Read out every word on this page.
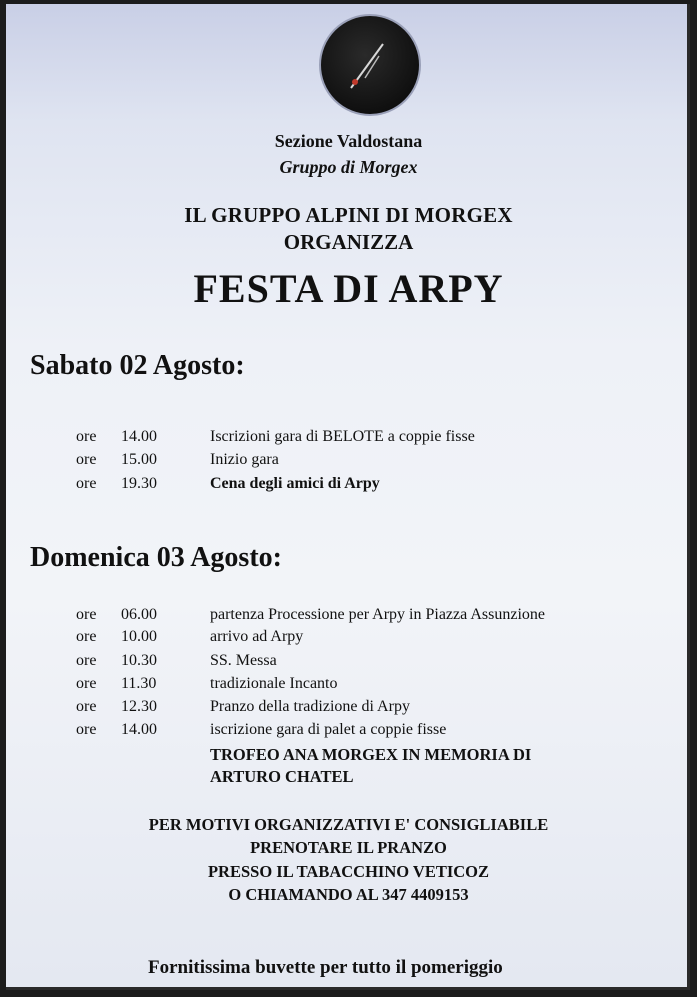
Sezione Valdostana
Gruppo di Morgex
IL GRUPPO ALPINI DI MORGEX
ORGANIZZA
FESTA DI ARPY
Sabato 02 Agosto:
ore 14.00	Iscrizioni gara di BELOTE a coppie fisse
ore 15.00	Inizio gara
ore 19.30	Cena degli amici di Arpy
Domenica 03 Agosto:
ore 06.00	partenza Processione per Arpy in Piazza Assunzione
ore 10.00	arrivo ad Arpy
ore 10.30	SS. Messa
ore 11.30	tradizionale Incanto
ore 12.30	Pranzo della tradizione di Arpy
ore 14.00	iscrizione gara di palet a coppie fisse
TROFEO ANA MORGEX IN MEMORIA DI
ARTURO CHATEL
PER MOTIVI ORGANIZZATIVI E' CONSIGLIABILE
PRENOTARE IL PRANZO
PRESSO IL TABACCHINO VETICOZ
O CHIAMANDO AL 347 4409153
Fornitissima buvette per tutto il pomeriggio
